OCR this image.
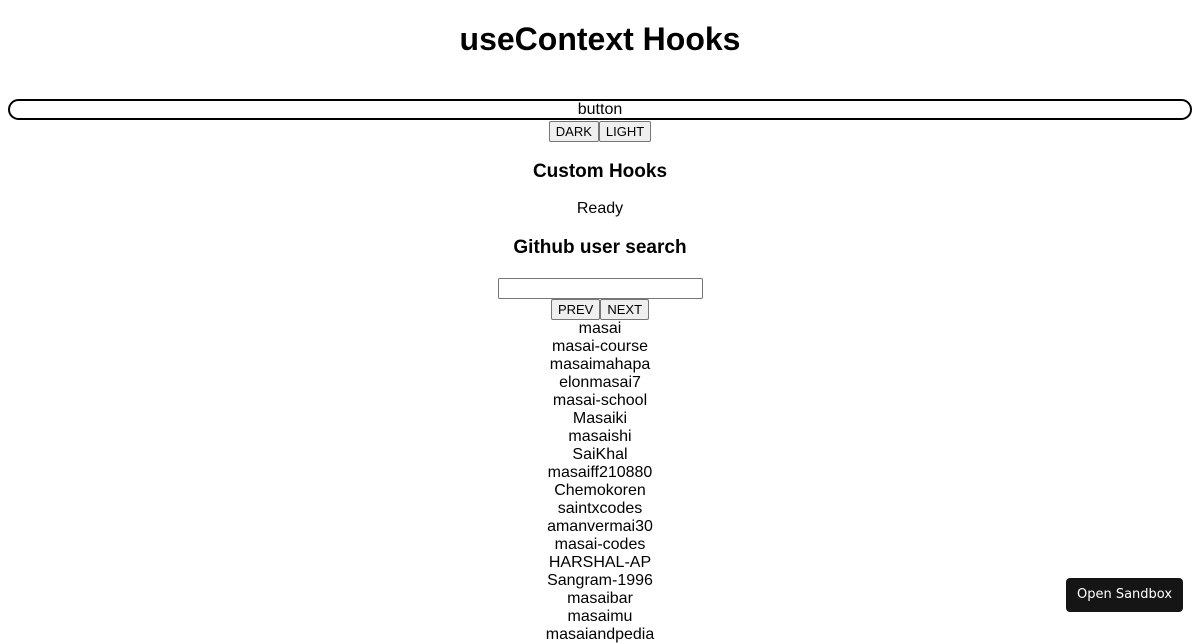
useContext Hooks
button
DARK	LIGHT
Custom Hooks
Ready
Github user search
PREV	NEXT
masai
masai-course
masaimahapa
elonmasai7
masai-school
Masaiki
masaishi
SaiKhal
masaiff210880
Chemokoren
saintxcodes
amanvermai30
masai-codes
HARSHAL-AP
Sangram-1996
masaibar
masaimu
masaiandpedia
Open Sandbox
